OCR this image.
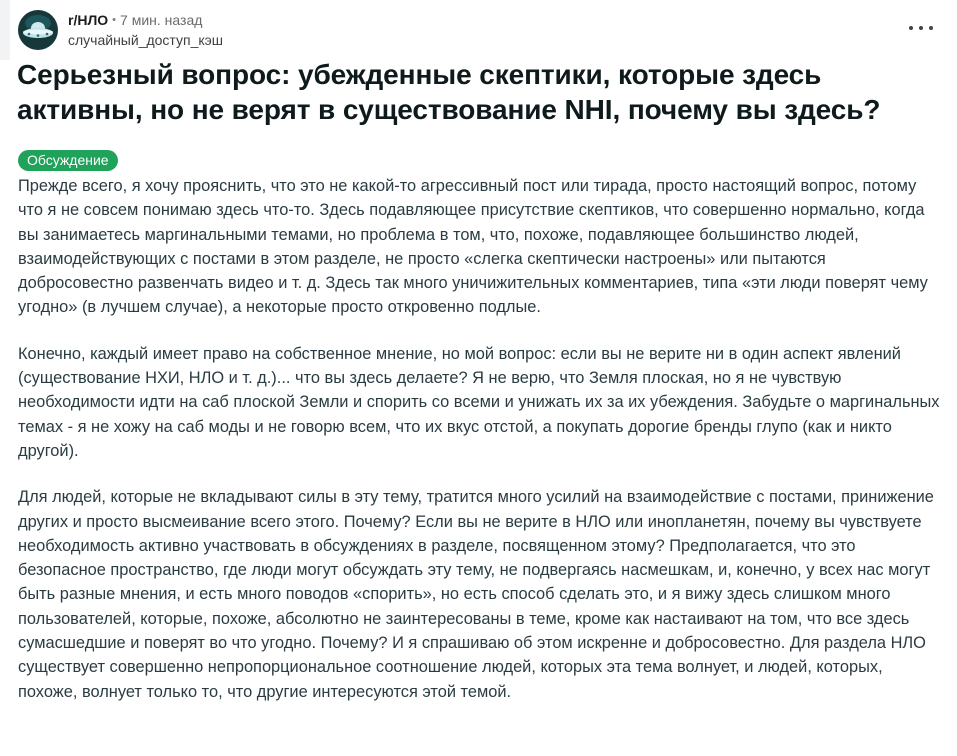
r/НЛО • 7 мин. назад
случайный_доступ_кэш
Серьезный вопрос: убежденные скептики, которые здесь активны, но не верят в существование NHI, почему вы здесь?
Обсуждение

Прежде всего, я хочу прояснить, что это не какой-то агрессивный пост или тирада, просто настоящий вопрос, потому что я не совсем понимаю здесь что-то. Здесь подавляющее присутствие скептиков, что совершенно нормально, когда вы занимаетесь маргинальными темами, но проблема в том, что, похоже, подавляющее большинство людей, взаимодействующих с постами в этом разделе, не просто «слегка скептически настроены» или пытаются добросовестно развенчать видео и т. д. Здесь так много уничижительных комментариев, типа «эти люди поверят чему угодно» (в лучшем случае), а некоторые просто откровенно подлые.

Конечно, каждый имеет право на собственное мнение, но мой вопрос: если вы не верите ни в один аспект явлений (существование НХИ, НЛО и т. д.)... что вы здесь делаете? Я не верю, что Земля плоская, но я не чувствую необходимости идти на саб плоской Земли и спорить со всеми и унижать их за их убеждения. Забудьте о маргинальных темах - я не хожу на саб моды и не говорю всем, что их вкус отстой, а покупать дорогие бренды глупо (как и никто другой).

Для людей, которые не вкладывают силы в эту тему, тратится много усилий на взаимодействие с постами, принижение других и просто высмеивание всего этого. Почему? Если вы не верите в НЛО или инопланетян, почему вы чувствуете необходимость активно участвовать в обсуждениях в разделе, посвященном этому? Предполагается, что это безопасное пространство, где люди могут обсуждать эту тему, не подвергаясь насмешкам, и, конечно, у всех нас могут быть разные мнения, и есть много поводов «спорить», но есть способ сделать это, и я вижу здесь слишком много пользователей, которые, похоже, абсолютно не заинтересованы в теме, кроме как настаивают на том, что все здесь сумасшедшие и поверят во что угодно. Почему? И я спрашиваю об этом искренне и добросовестно. Для раздела НЛО существует совершенно непропорциональное соотношение людей, которых эта тема волнует, и людей, которых, похоже, волнует только то, что другие интересуются этой темой.
